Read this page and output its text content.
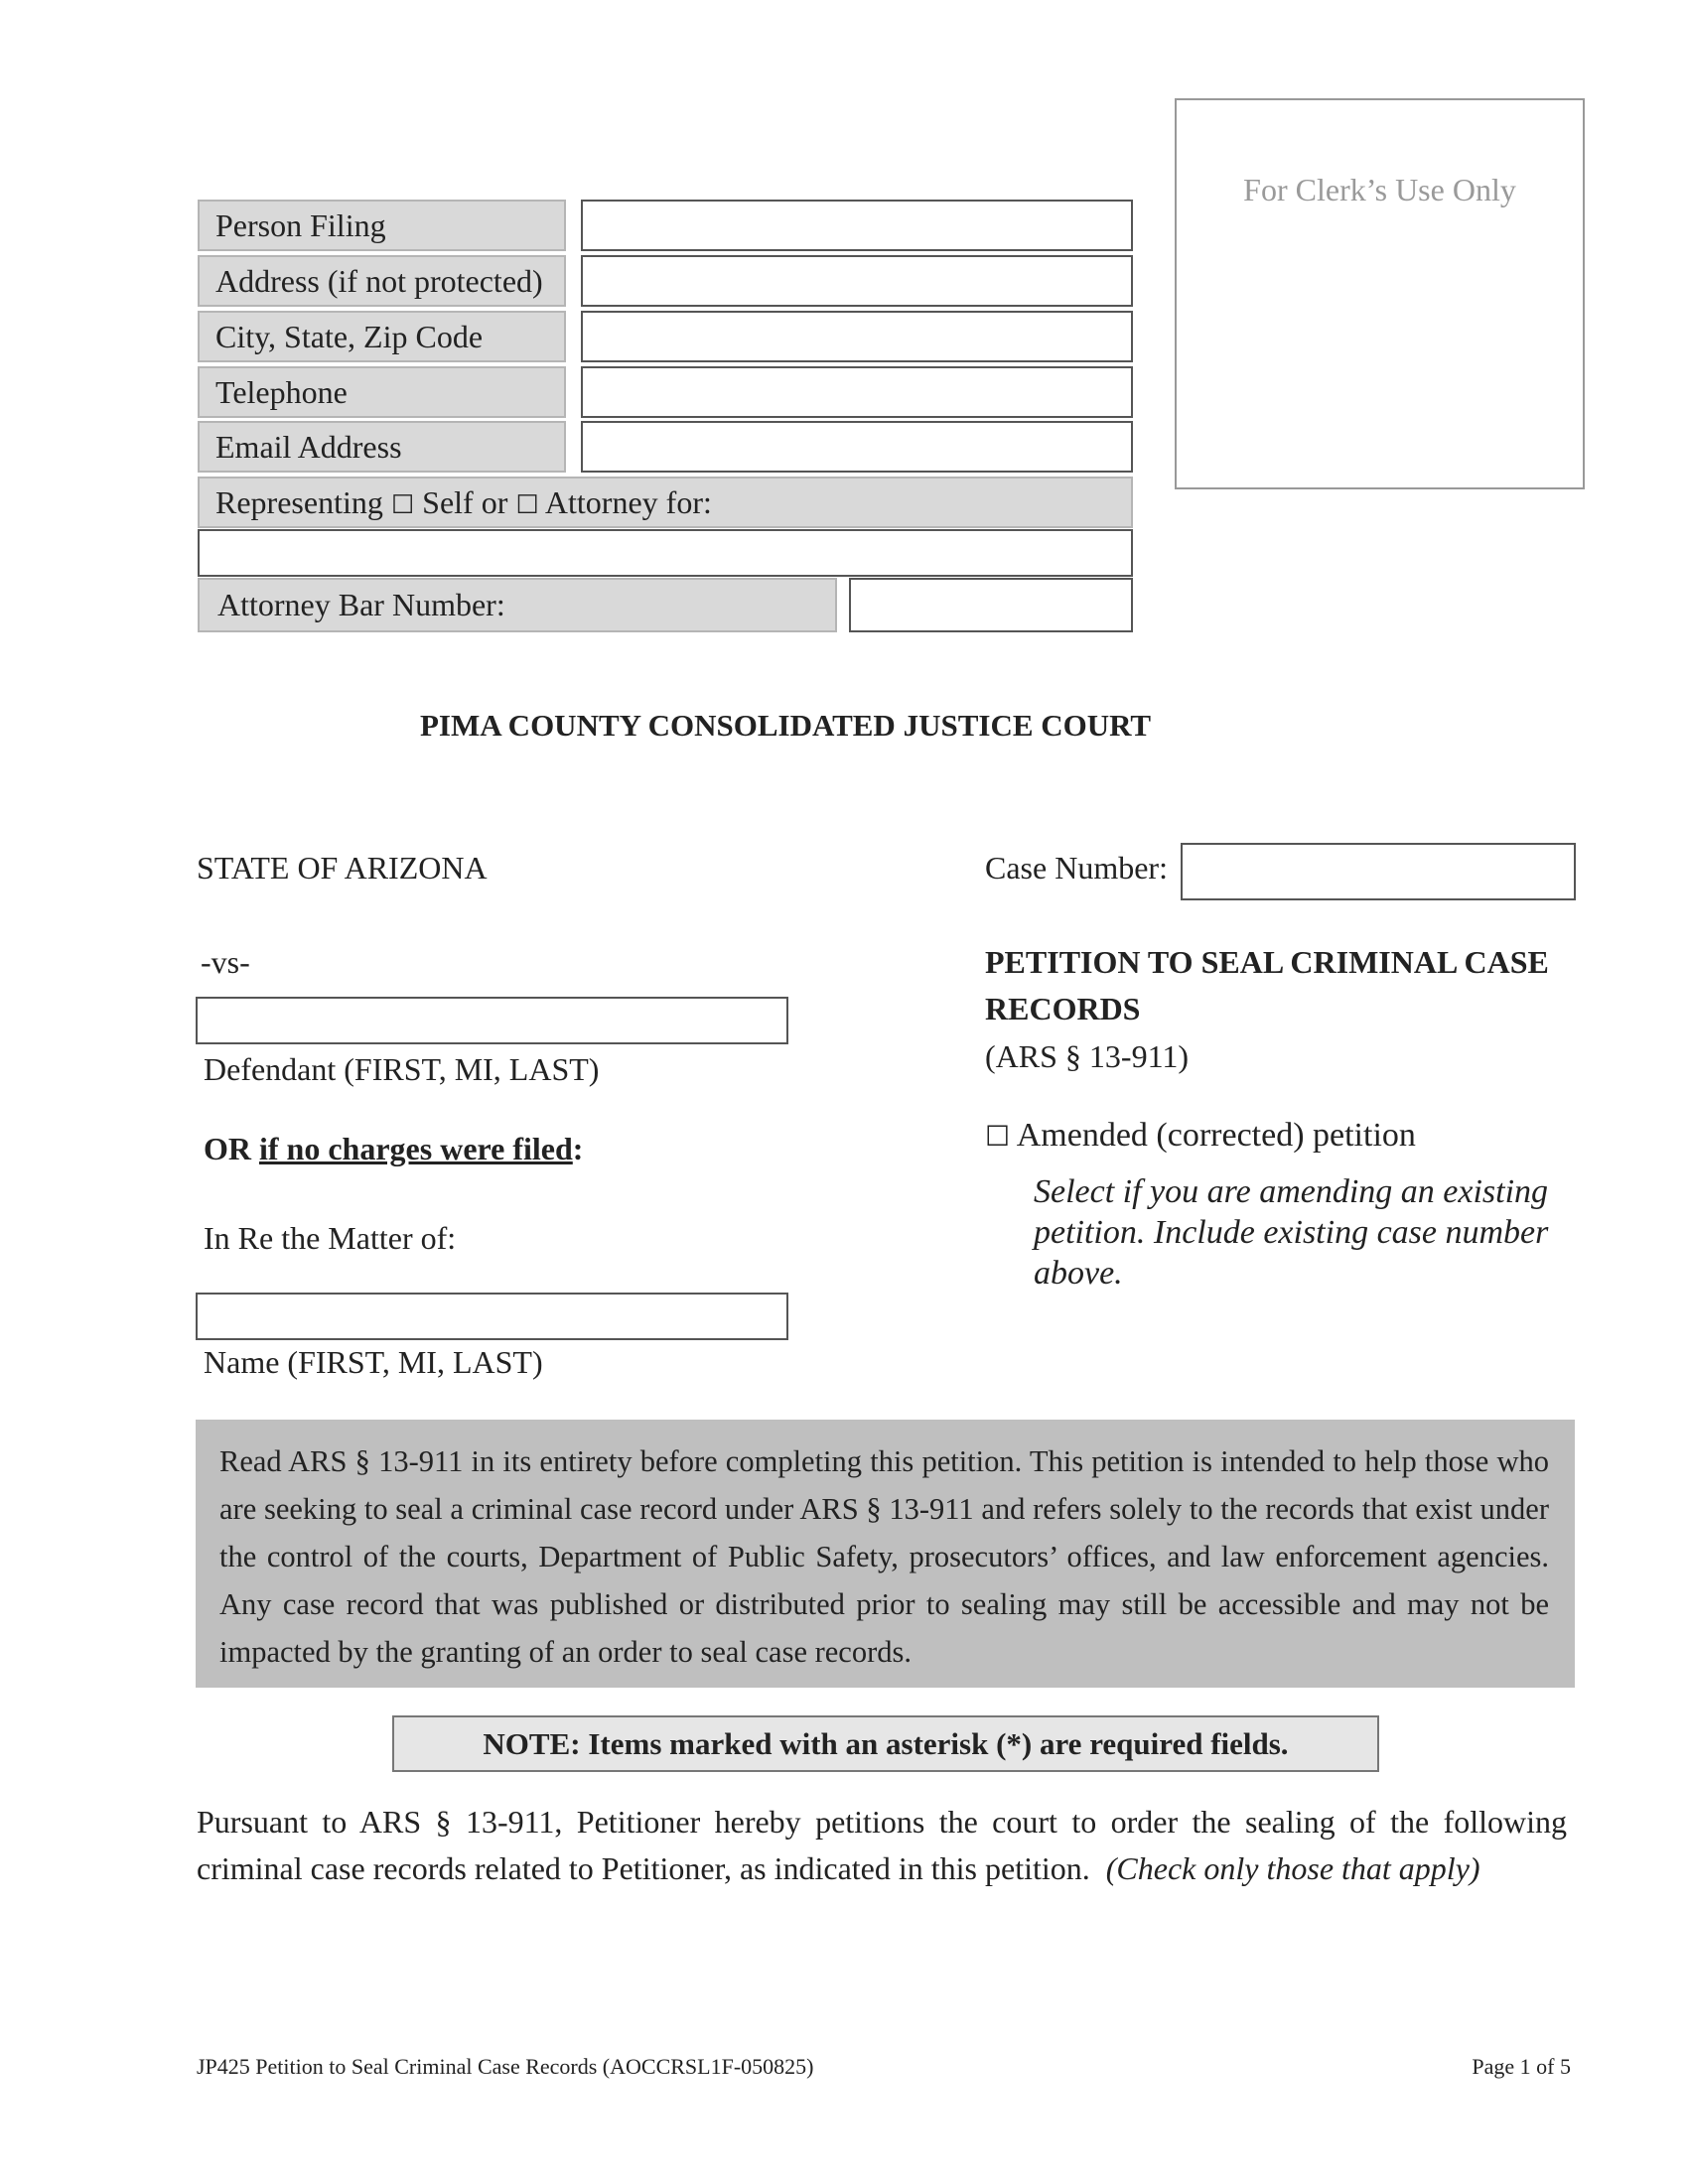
Person Filing
Address (if not protected)
City, State, Zip Code
Telephone
Email Address
Representing ☐ Self or ☐ Attorney for:
Attorney Bar Number:
For Clerk’s Use Only
PIMA COUNTY CONSOLIDATED JUSTICE COURT
STATE OF ARIZONA
-vs-
Defendant (FIRST, MI, LAST)
OR if no charges were filed:
In Re the Matter of:
Name (FIRST, MI, LAST)
Case Number:
PETITION TO SEAL CRIMINAL CASE RECORDS
(ARS § 13-911)
☐ Amended (corrected) petition
Select if you are amending an existing petition. Include existing case number above.
Read ARS § 13-911 in its entirety before completing this petition. This petition is intended to help those who are seeking to seal a criminal case record under ARS § 13-911 and refers solely to the records that exist under the control of the courts, Department of Public Safety, prosecutors’ offices, and law enforcement agencies. Any case record that was published or distributed prior to sealing may still be accessible and may not be impacted by the granting of an order to seal case records.
NOTE: Items marked with an asterisk (*) are required fields.
Pursuant to ARS § 13-911, Petitioner hereby petitions the court to order the sealing of the following criminal case records related to Petitioner, as indicated in this petition. (Check only those that apply)
JP425 Petition to Seal Criminal Case Records (AOCCRSL1F-050825)	Page 1 of 5
